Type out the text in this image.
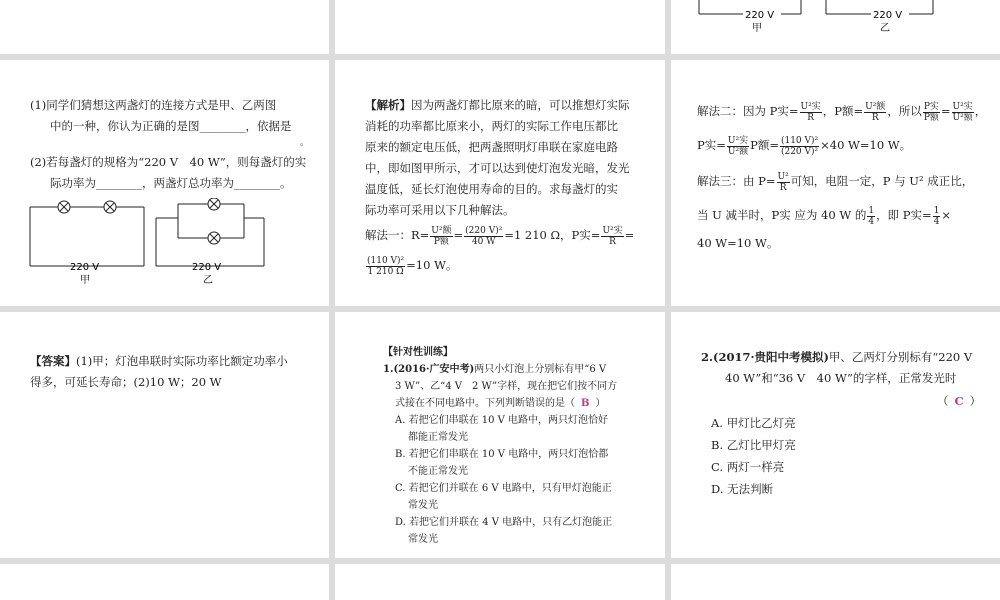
220 V
甲
220 V
乙
(1)同学们猜想这两盏灯的连接方式是甲、乙两图
中的一种，你认为正确的是图________，依据是
。
(2)若每盏灯的规格为“220 V　40 W”，则每盏灯的实
际功率为________，两盏灯总功率为________。
220 V
甲
220 V
乙
【解析】因为两盏灯都比原来的暗，可以推想灯实际
消耗的功率都比原来小，两灯的实际工作电压都比
原来的额定电压低，把两盏照明灯串联在家庭电路
中，即如图甲所示，才可以达到使灯泡发光暗，发光
温度低，延长灯泡使用寿命的目的。求每盏灯的实
际功率可采用以下几种解法。
解法一：$R= \frac{\text{U²额}}{\text{P额}} = \frac{\text{(220 V)²}}{40 W} =1$ 210 Ω，P实= $\frac{\text{U²实}}{R}$ =
$\frac{\text{(110 V)²}}{1 210 \Omega} =10$ W。
解法二：因为 P实= $\frac{\text{U²实}}{R}$ ，P额= $\frac{\text{U²额}}{R}$ ，所以 $\frac{\text{P实}}{\text{P额}} = \frac{\text{U²实}}{\text{U²额}}$ ，
P实= $\frac{\text{U²实}}{\text{U²额}}$ P额= $\frac{\text{(110 V)²}}{\text{(220 V)²}} \times 40$ W=10 W。
解法三：由 $P= \frac{\text{U²}}{R}$ 可知，电阻一定，P 与 U² 成正比，
当 U 减半时，P实 应为 40 W 的 $\frac{1}{4}$ ，即 P实= $\frac{1}{4}$ ×
40 W=10 W。
【答案】(1)甲；灯泡串联时实际功率比额定功率小
得多，可延长寿命；(2)10 W；20 W
【针对性训练】
1.(2016·广安中考)两只小灯泡上分别标有甲“6 V
3 W”、乙“4 V　2 W”字样，现在把它们按不同方
式接在不同电路中。下列判断错误的是（ B ）
A. 若把它们串联在 10 V 电路中，两只灯泡恰好
都能正常发光
B. 若把它们串联在 10 V 电路中，两只灯泡恰都
不能正常发光
C. 若把它们并联在 6 V 电路中，只有甲灯泡能正
常发光
D. 若把它们并联在 4 V 电路中，只有乙灯泡能正
常发光
2.(2017·贵阳中考模拟)甲、乙两灯分别标有“220 V
40 W”和“36 V　40 W”的字样，正常发光时
（ C ）
A. 甲灯比乙灯亮
B. 乙灯比甲灯亮
C. 两灯一样亮
D. 无法判断
